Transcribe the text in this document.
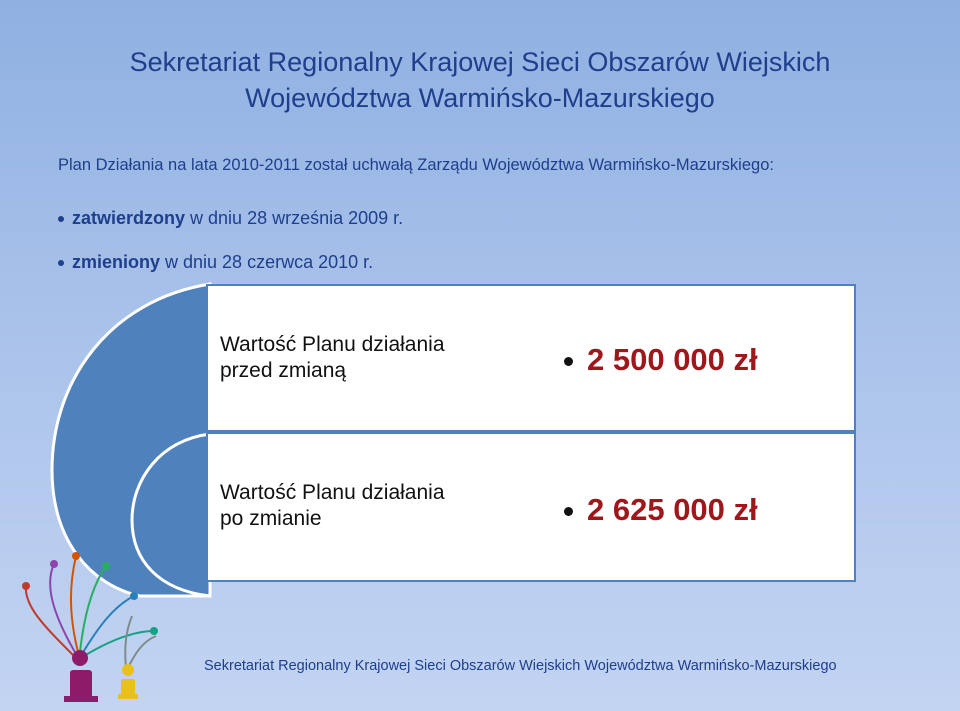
Sekretariat Regionalny Krajowej Sieci Obszarów Wiejskich
Województwa Warmińsko-Mazurskiego
Plan Działania na lata 2010-2011 został uchwałą Zarządu Województwa Warmińsko-Mazurskiego:
zatwierdzony w dniu 28 września 2009 r.
zmieniony w dniu 28 czerwca 2010 r.
Wartość Planu działania
przed zmianą	2 500 000 zł
Wartość Planu działania
po zmianie	2 625 000 zł
Sekretariat Regionalny Krajowej Sieci Obszarów Wiejskich Województwa Warmińsko-Mazurskiego
